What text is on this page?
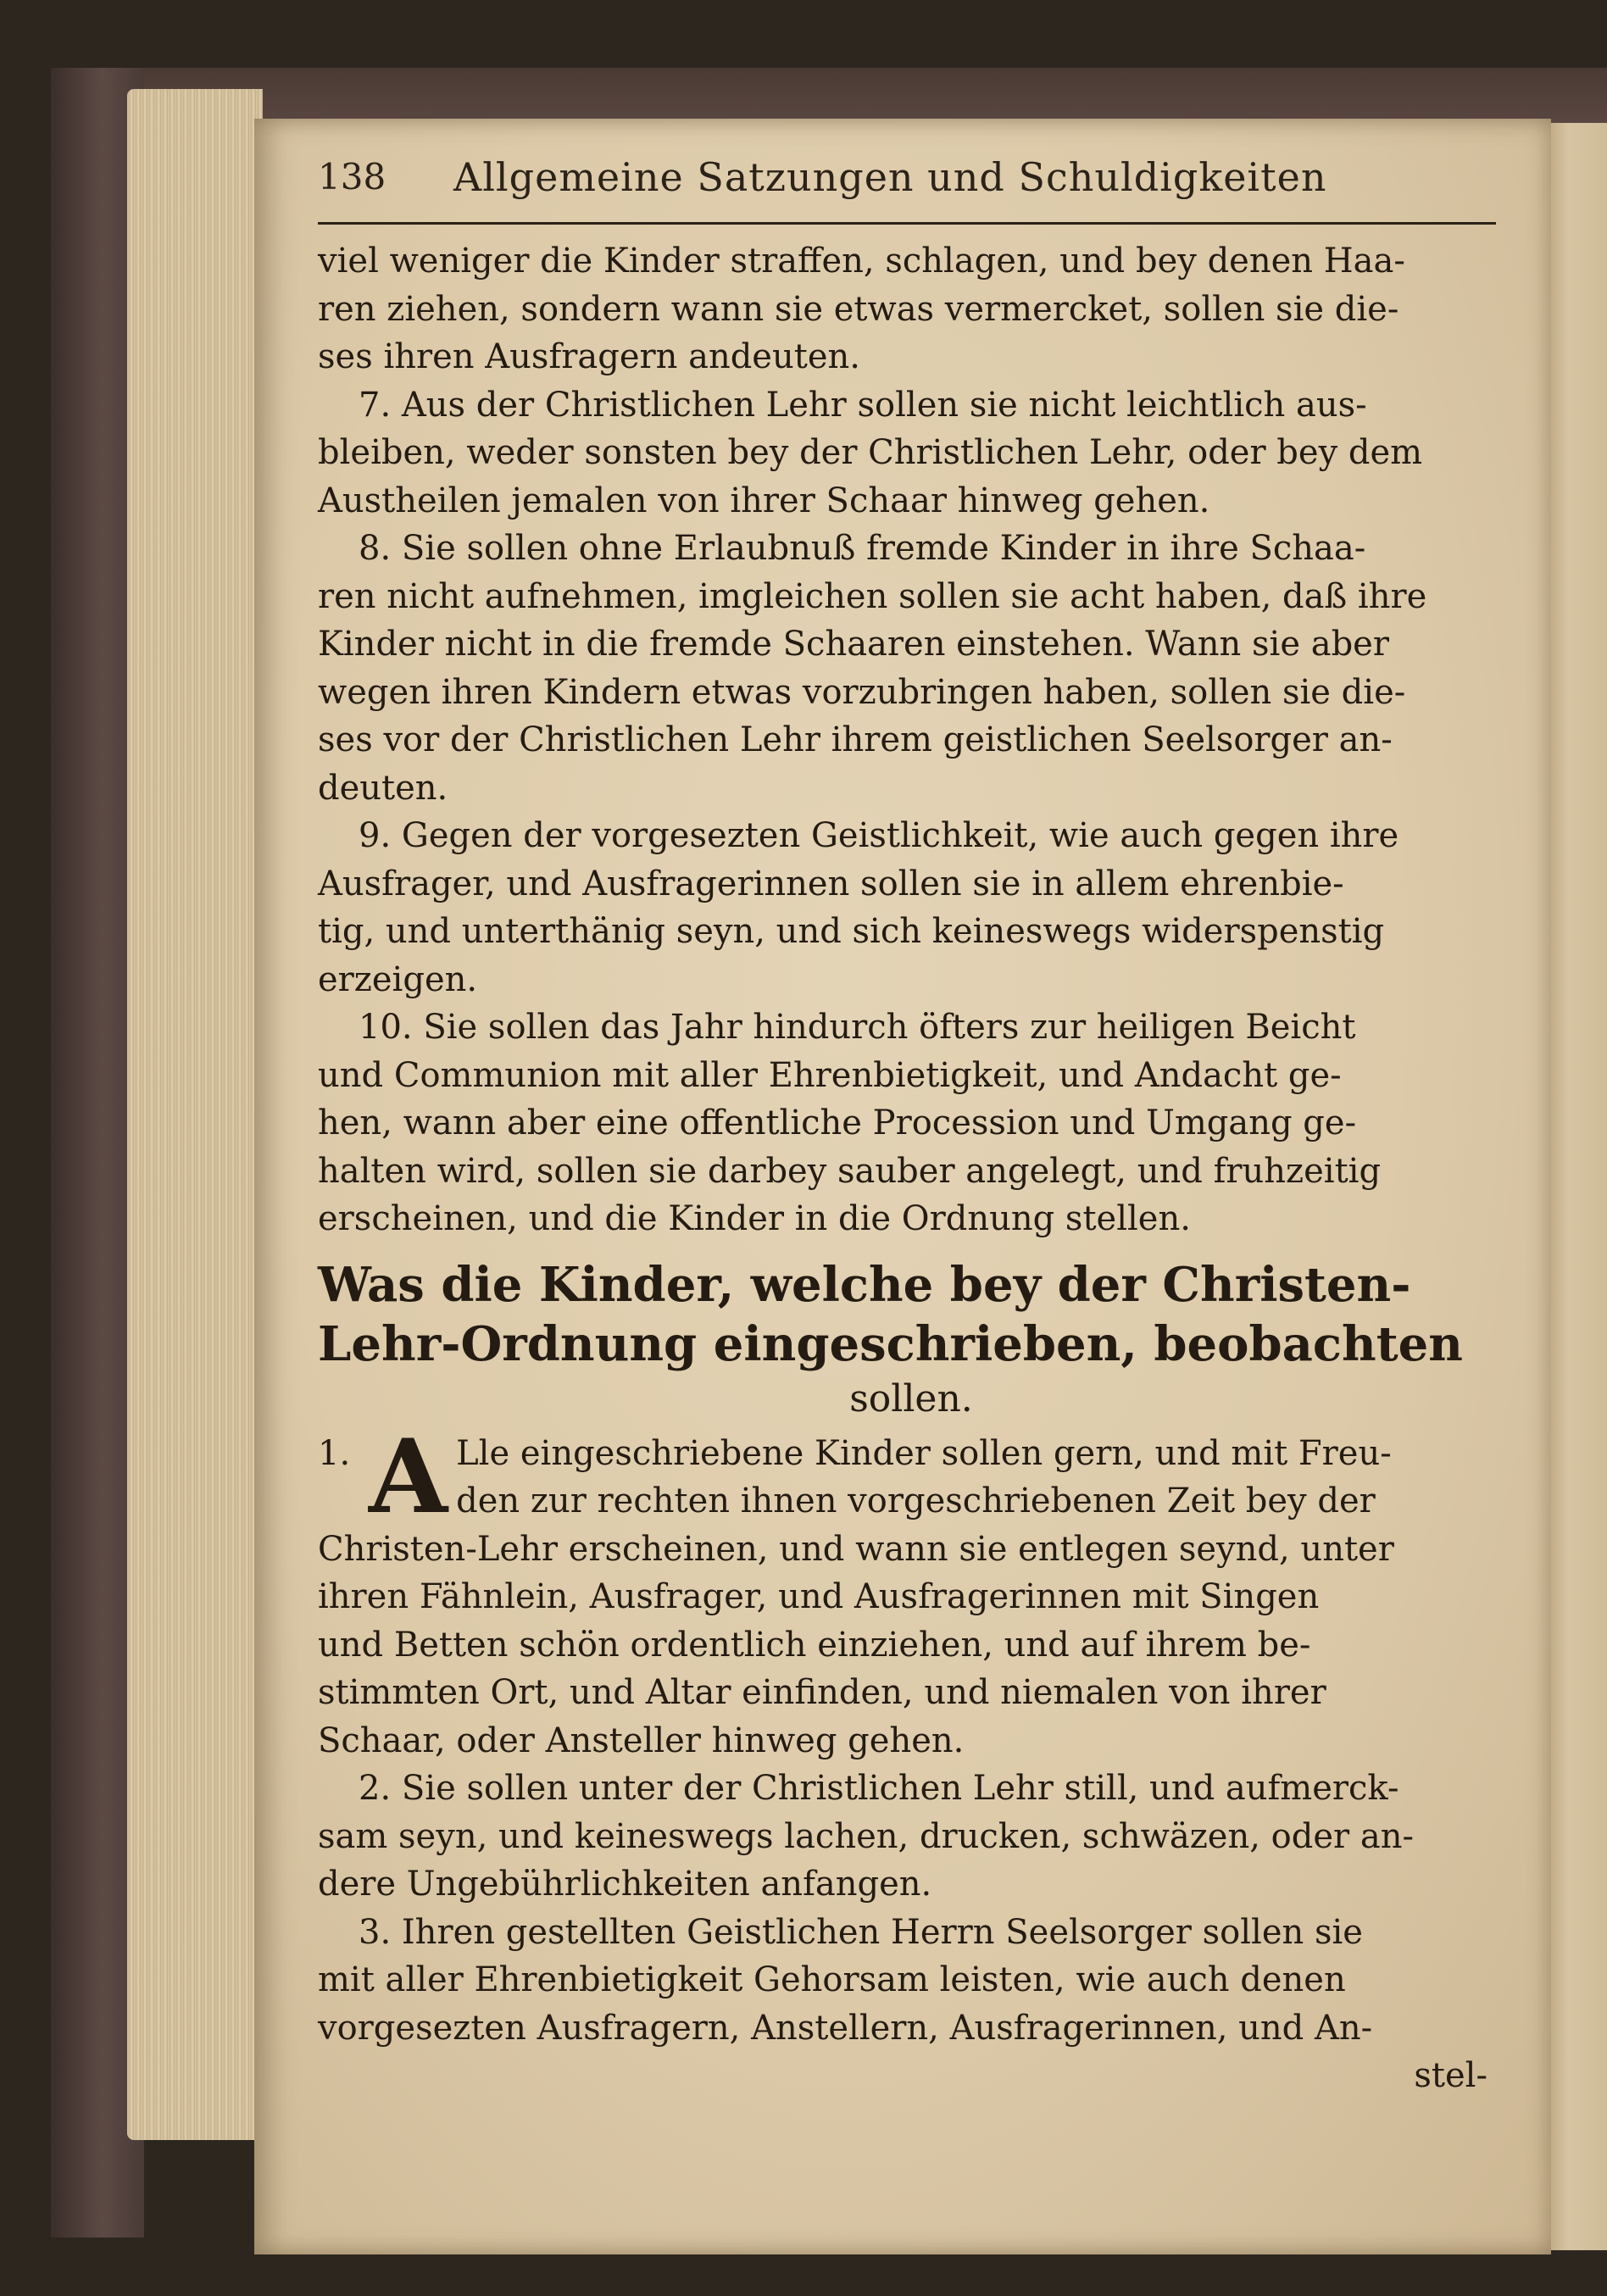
138 Allgemeine Satzungen und Schuldigkeiten
viel weniger die Kinder straffen, schlagen, und bey denen Haa-
ren ziehen, sondern wann sie etwas vermercket, sollen sie die-
ses ihren Ausfragern andeuten.
7. Aus der Christlichen Lehr sollen sie nicht leichtlich aus-
bleiben, weder sonsten bey der Christlichen Lehr, oder bey dem
Austheilen jemalen von ihrer Schaar hinweg gehen.
8. Sie sollen ohne Erlaubnuß fremde Kinder in ihre Schaa-
ren nicht aufnehmen, imgleichen sollen sie acht haben, daß ihre
Kinder nicht in die fremde Schaaren einstehen. Wann sie aber
wegen ihren Kindern etwas vorzubringen haben, sollen sie die-
ses vor der Christlichen Lehr ihrem geistlichen Seelsorger an-
deuten.
9. Gegen der vorgesezten Geistlichkeit, wie auch gegen ihre
Ausfrager, und Ausfragerinnen sollen sie in allem ehrenbie-
tig, und unterthänig seyn, und sich keineswegs widerspenstig
erzeigen.
10. Sie sollen das Jahr hindurch öfters zur heiligen Beicht
und Communion mit aller Ehrenbietigkeit, und Andacht ge-
hen, wann aber eine offentliche Procession und Umgang ge-
halten wird, sollen sie darbey sauber angelegt, und fruhzeitig
erscheinen, und die Kinder in die Ordnung stellen.
Was die Kinder, welche bey der Christen-
Lehr-Ordnung eingeschrieben, beobachten
sollen.
1. A Lle eingeschriebene Kinder sollen gern, und mit Freu-
den zur rechten ihnen vorgeschriebenen Zeit bey der
Christen-Lehr erscheinen, und wann sie entlegen seynd, unter
ihren Fähnlein, Ausfrager, und Ausfragerinnen mit Singen
und Betten schön ordentlich einziehen, und auf ihrem be-
stimmten Ort, und Altar einfinden, und niemalen von ihrer
Schaar, oder Ansteller hinweg gehen.
2. Sie sollen unter der Christlichen Lehr still, und aufmerck-
sam seyn, und keineswegs lachen, drucken, schwäzen, oder an-
dere Ungebührlichkeiten anfangen.
3. Ihren gestellten Geistlichen Herrn Seelsorger sollen sie
mit aller Ehrenbietigkeit Gehorsam leisten, wie auch denen
vorgesezten Ausfragern, Anstellern, Ausfragerinnen, und An-
stel-
